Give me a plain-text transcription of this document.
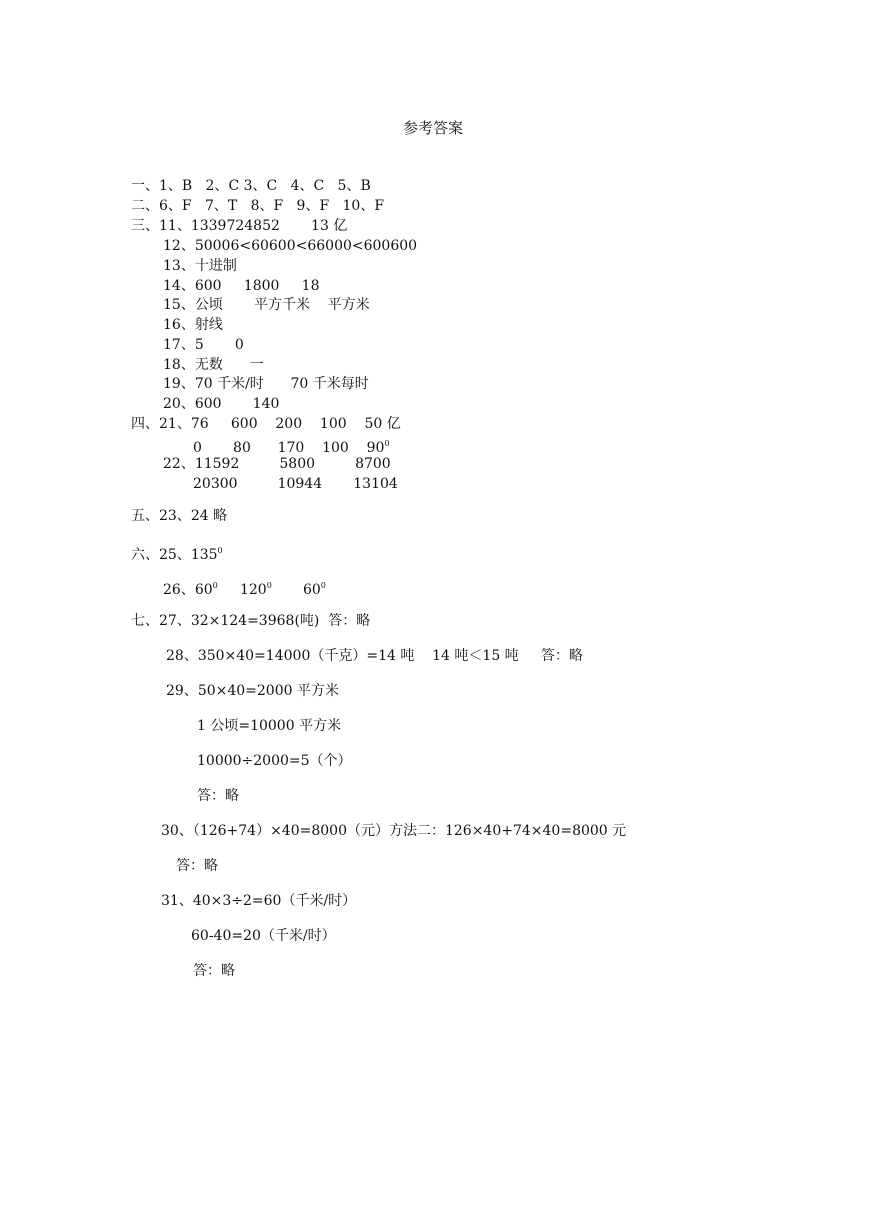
参考答案
一、1、B   2、C 3、C   4、C   5、B
二、6、F   7、T   8、F   9、F   10、F
三、11、1339724852       13 亿
12、50006<60600<66000<600600
13、十进制
14、600     1800     18
15、公顷       平方千米    平方米
16、射线
17、5       0
18、无数      一
19、70 千米/时      70 千米每时
20、600       140
四、21、76     600    200    100    50 亿
0       80      170    100    $90^0$
22、11592         5800         8700
20300         10944       13104
五、23、24 略
六、25、$135^0$
26、$60^0$     $120^0$       $60^0$
七、27、32×124=3968(吨)  答：略
28、350×40=14000（千克）=14 吨    14 吨＜15 吨     答：略
29、50×40=2000 平方米
1 公顷=10000 平方米
10000÷2000=5（个）
答：略
30、（126+74）×40=8000（元）方法二：126×40+74×40=8000 元
答：略
31、40×3÷2=60（千米/时）
60-40=20（千米/时）
答：略
